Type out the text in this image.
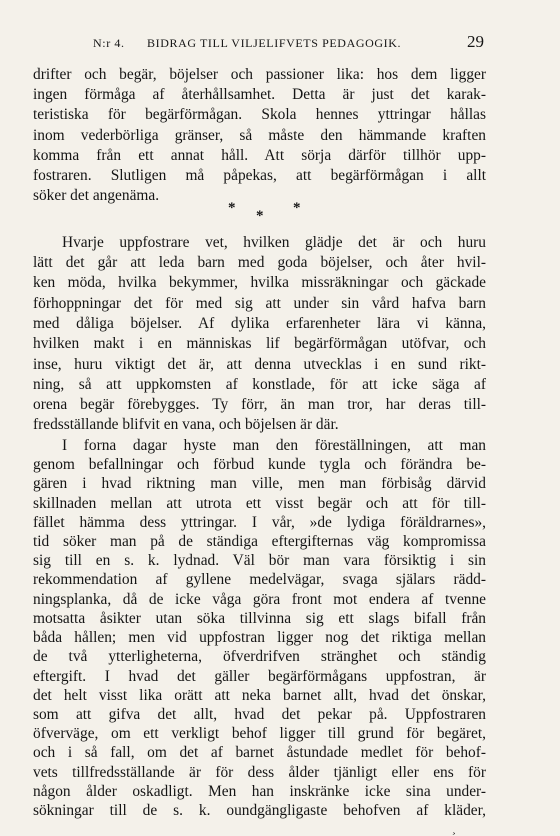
N:r 4. BIDRAG TILL VILJELIFVETS PEDAGOGIK.	29
drifter och begär, böjelser och passioner lika: hos dem ligger
ingen förmåga af återhållsamhet. Detta är just det karak-
teristiska för begärförmågan. Skola hennes yttringar hållas
inom vederbörliga gränser, så måste den hämmande kraften
komma från ett annat håll. Att sörja därför tillhör upp-
fostraren. Slutligen må påpekas, att begärförmågan i allt
söker det angenäma.
* * *
Hvarje uppfostrare vet, hvilken glädje det är och huru
lätt det går att leda barn med goda böjelser, och åter hvil-
ken möda, hvilka bekymmer, hvilka missräkningar och gäckade
förhoppningar det för med sig att under sin vård hafva barn
med dåliga böjelser. Af dylika erfarenheter lära vi känna,
hvilken makt i en människas lif begärförmågan utöfvar, och
inse, huru viktigt det är, att denna utvecklas i en sund rikt-
ning, så att uppkomsten af konstlade, för att icke säga af
orena begär förebygges. Ty förr, än man tror, har deras till-
fredsställande blifvit en vana, och böjelsen är där.
I forna dagar hyste man den föreställningen, att man
genom befallningar och förbud kunde tygla och förändra be-
gären i hvad riktning man ville, men man förbisåg därvid
skillnaden mellan att utrota ett visst begär och att för till-
fället hämma dess yttringar. I vår, »de lydiga föräldrarnes»,
tid söker man på de ständiga eftergifternas väg kompromissa
sig till en s. k. lydnad. Väl bör man vara försiktig i sin
rekommendation af gyllene medelvägar, svaga själars rädd-
ningsplanka, då de icke våga göra front mot endera af tvenne
motsatta åsikter utan söka tillvinna sig ett slags bifall från
båda hållen; men vid uppfostran ligger nog det riktiga mellan
de två ytterligheterna, öfverdrifven stränghet och ständig
eftergift. I hvad det gäller begärförmågans uppfostran, är
det helt visst lika orätt att neka barnet allt, hvad det önskar,
som att gifva det allt, hvad det pekar på. Uppfostraren
öfverväge, om ett verkligt behof ligger till grund för begäret,
och i så fall, om det af barnet åstundade medlet för behof-
vets tillfredsställande är för dess ålder tjänligt eller ens för
någon ålder oskadligt. Men han inskränke icke sina under-
¸
sökningar till de s. k. oundgängligaste behofven af kläder,
